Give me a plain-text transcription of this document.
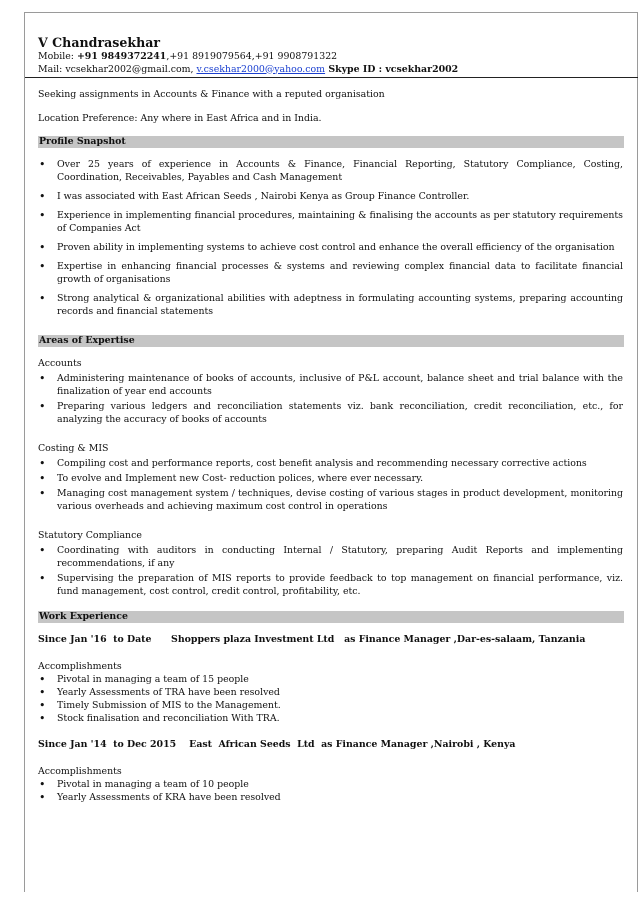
V Chandrasekhar
Mobile: +91 9849372241,+91 8919079564,+91 9908791322
Mail: vcsekhar2002@gmail.com, v.csekhar2000@yahoo.com Skype ID : vcsekhar2002

Seeking assignments in Accounts & Finance with a reputed organisation

Location Preference: Any where in East Africa and in India.

Profile Snapshot
• Over 25 years of experience in Accounts & Finance, Financial Reporting, Statutory Compliance, Costing, Coordination, Receivables, Payables and Cash Management
• I was associated with East African Seeds , Nairobi Kenya as Group Finance Controller.
• Experience in implementing financial procedures, maintaining & finalising the accounts as per statutory requirements of Companies Act
• Proven ability in implementing systems to achieve cost control and enhance the overall efficiency of the organisation
• Expertise in enhancing financial processes & systems and reviewing complex financial data to facilitate financial growth of organisations
• Strong analytical & organizational abilities with adeptness in formulating accounting systems, preparing accounting records and financial statements
Areas of Expertise

Accounts

• Administering maintenance of books of accounts, inclusive of P&L account, balance sheet and trial balance with the finalization of year end accounts
• Preparing various ledgers and reconciliation statements viz. bank reconciliation, credit reconciliation, etc., for analyzing the accuracy of books of accounts

Costing & MIS

• Compiling cost and performance reports, cost benefit analysis and recommending necessary corrective actions
• To evolve and Implement new Cost- reduction polices, where ever necessary.
• Managing cost management system / techniques, devise costing of various stages in product development, monitoring various overheads and achieving maximum cost control in operations

Statutory Compliance

• Coordinating with auditors in conducting Internal / Statutory, preparing Audit Reports and implementing recommendations, if any
• Supervising the preparation of MIS reports to provide feedback to top management on financial performance, viz. fund management, cost control, credit control, profitability, etc.
Work Experience
Since Jan '16  to Date      Shoppers plaza Investment Ltd   as Finance Manager ,Dar-es-salaam, Tanzania

Accomplishments

• Pivotal in managing a team of 15 people
• Yearly Assessments of TRA have been resolved
• Timely Submission of MIS to the Management.
• Stock finalisation and reconciliation With TRA.
Since Jan '14  to Dec 2015    East  African Seeds  Ltd  as Finance Manager ,Nairobi , Kenya

Accomplishments

• Pivotal in managing a team of 10 people
• Yearly Assessments of KRA have been resolved
